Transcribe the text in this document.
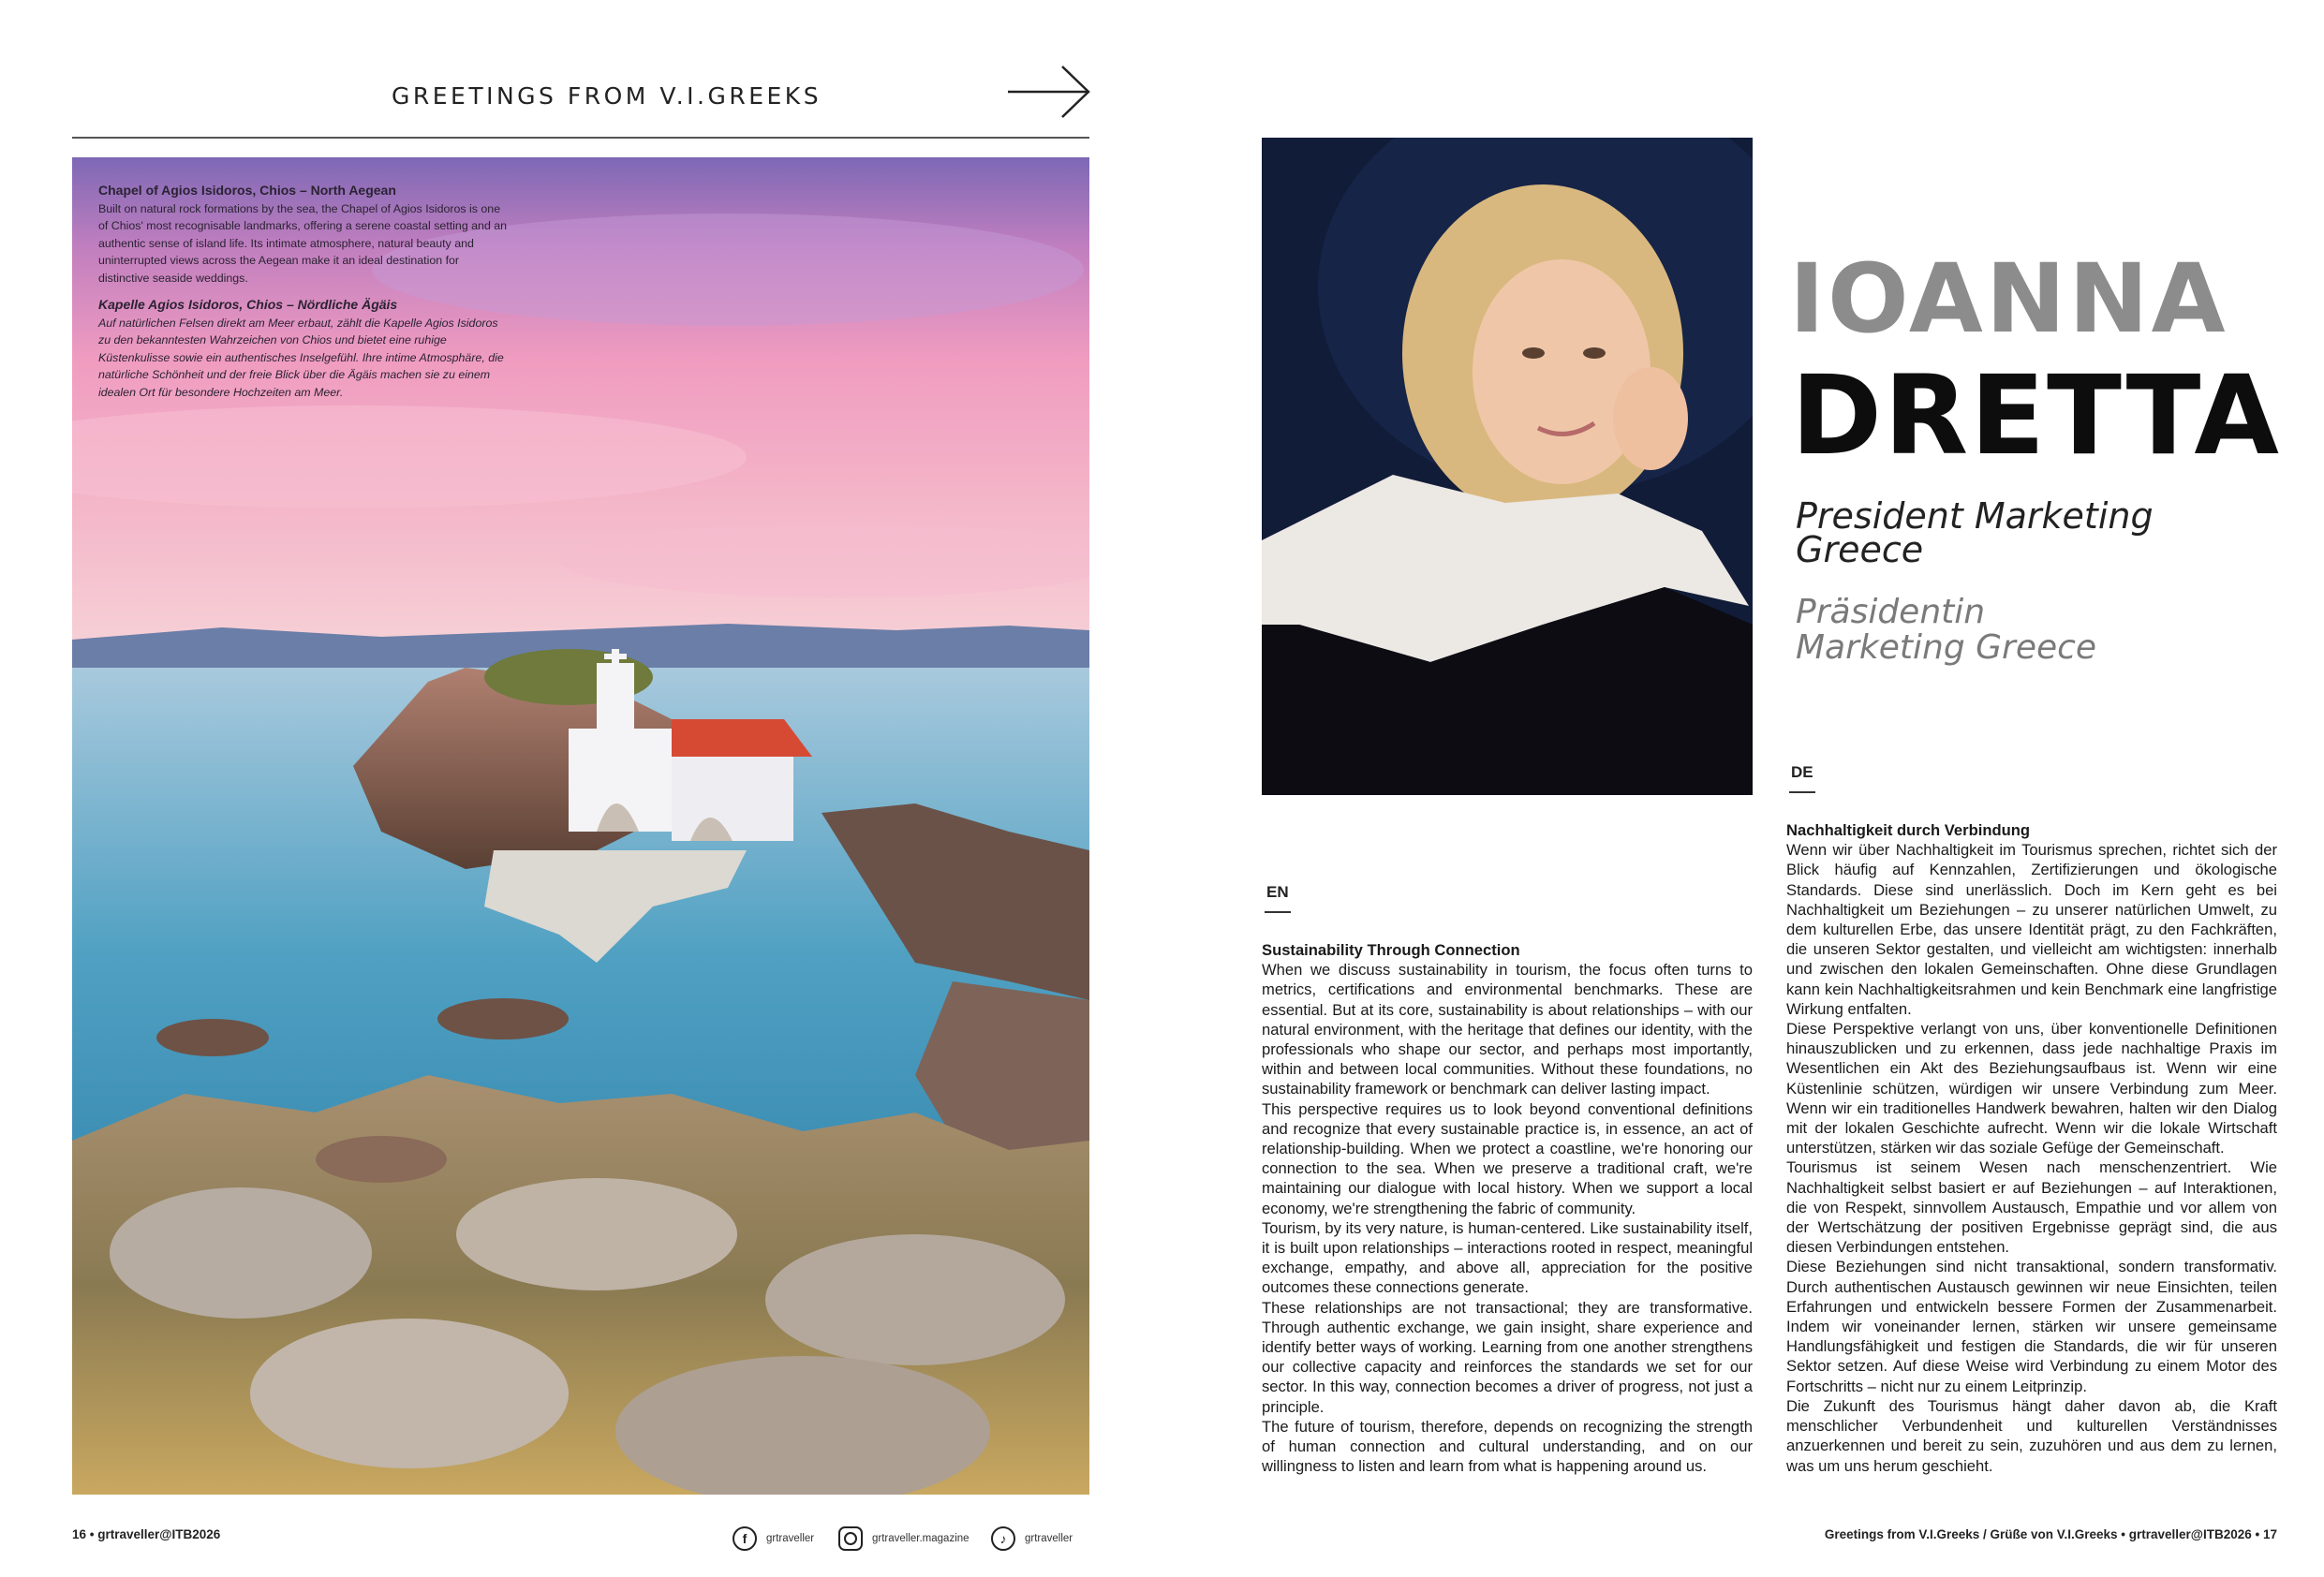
GREETINGS FROM V.I.GREEKS
Chapel of Agios Isidoros, Chios – North Aegean
Built on natural rock formations by the sea, the Chapel of Agios Isidoros is one of Chios' most recognisable landmarks, offering a serene coastal setting and an authentic sense of island life. Its intimate atmosphere, natural beauty and uninterrupted views across the Aegean make it an ideal destination for distinctive seaside weddings.
Kapelle Agios Isidoros, Chios – Nördliche Ägäis
Auf natürlichen Felsen direkt am Meer erbaut, zählt die Kapelle Agios Isidoros zu den bekanntesten Wahrzeichen von Chios und bietet eine ruhige Küstenkulisse sowie ein authentisches Inselgefühl. Ihre intime Atmosphäre, die natürliche Schönheit und der freie Blick über die Ägäis machen sie zu einem idealen Ort für besondere Hochzeiten am Meer.
IOANNA
DRETTA
President Marketing
Greece
Präsidentin
Marketing Greece
EN
Sustainability Through Connection

When we discuss sustainability in tourism, the focus often turns to metrics, certifications and environmental benchmarks. These are essential. But at its core, sustainability is about relationships – with our natural environment, with the heritage that defines our identity, with the professionals who shape our sector, and perhaps most importantly, within and between local communities. Without these foundations, no sustainability framework or benchmark can deliver lasting impact.

This perspective requires us to look beyond conventional definitions and recognize that every sustainable practice is, in essence, an act of relationship-building. When we protect a coastline, we're honoring our connection to the sea. When we preserve a traditional craft, we're maintaining our dialogue with local history. When we support a local economy, we're strengthening the fabric of community.

Tourism, by its very nature, is human-centered. Like sustainability itself, it is built upon relationships – interactions rooted in respect, meaningful exchange, empathy, and above all, appreciation for the positive outcomes these connections generate.

These relationships are not transactional; they are transformative. Through authentic exchange, we gain insight, share experience and identify better ways of working. Learning from one another strengthens our collective capacity and reinforces the standards we set for our sector. In this way, connection becomes a driver of progress, not just a principle.

The future of tourism, therefore, depends on recognizing the strength of human connection and cultural understanding, and on our willingness to listen and learn from what is happening around us.

DE
Nachhaltigkeit durch Verbindung

Wenn wir über Nachhaltigkeit im Tourismus sprechen, richtet sich der Blick häufig auf Kennzahlen, Zertifizierungen und ökologische Standards. Diese sind unerlässlich. Doch im Kern geht es bei Nachhaltigkeit um Beziehungen – zu unserer natürlichen Umwelt, zu dem kulturellen Erbe, das unsere Identität prägt, zu den Fachkräften, die unseren Sektor gestalten, und vielleicht am wichtigsten: innerhalb und zwischen den lokalen Gemeinschaften. Ohne diese Grundlagen kann kein Nachhaltigkeitsrahmen und kein Benchmark eine langfristige Wirkung entfalten.

Diese Perspektive verlangt von uns, über konventionelle Definitionen hinauszublicken und zu erkennen, dass jede nachhaltige Praxis im Wesentlichen ein Akt des Beziehungsaufbaus ist. Wenn wir eine Küstenlinie schützen, würdigen wir unsere Verbindung zum Meer. Wenn wir ein traditionelles Handwerk bewahren, halten wir den Dialog mit der lokalen Geschichte aufrecht. Wenn wir die lokale Wirtschaft unterstützen, stärken wir das soziale Gefüge der Gemeinschaft.

Tourismus ist seinem Wesen nach menschenzentriert. Wie Nachhaltigkeit selbst basiert er auf Beziehungen – auf Interaktionen, die von Respekt, sinnvollem Austausch, Empathie und vor allem von der Wertschätzung der positiven Ergebnisse geprägt sind, die aus diesen Verbindungen entstehen.

Diese Beziehungen sind nicht transaktional, sondern transformativ. Durch authentischen Austausch gewinnen wir neue Einsichten, teilen Erfahrungen und entwickeln bessere Formen der Zusammenarbeit. Indem wir voneinander lernen, stärken wir unsere gemeinsame Handlungsfähigkeit und festigen die Standards, die wir für unseren Sektor setzen. Auf diese Weise wird Verbindung zu einem Motor des Fortschritts – nicht nur zu einem Leitprinzip.

Die Zukunft des Tourismus hängt daher davon ab, die Kraft menschlicher Verbundenheit und kulturellen Verständnisses anzuerkennen und bereit zu sein, zuzuhören und aus dem zu lernen, was um uns herum geschieht.

16 • grtraveller@ITB2026	f	grtraveller	grtraveller.magazine	♪	grtraveller	Greetings from V.I.Greeks / Grüße von V.I.Greeks • grtraveller@ITB2026 • 17
